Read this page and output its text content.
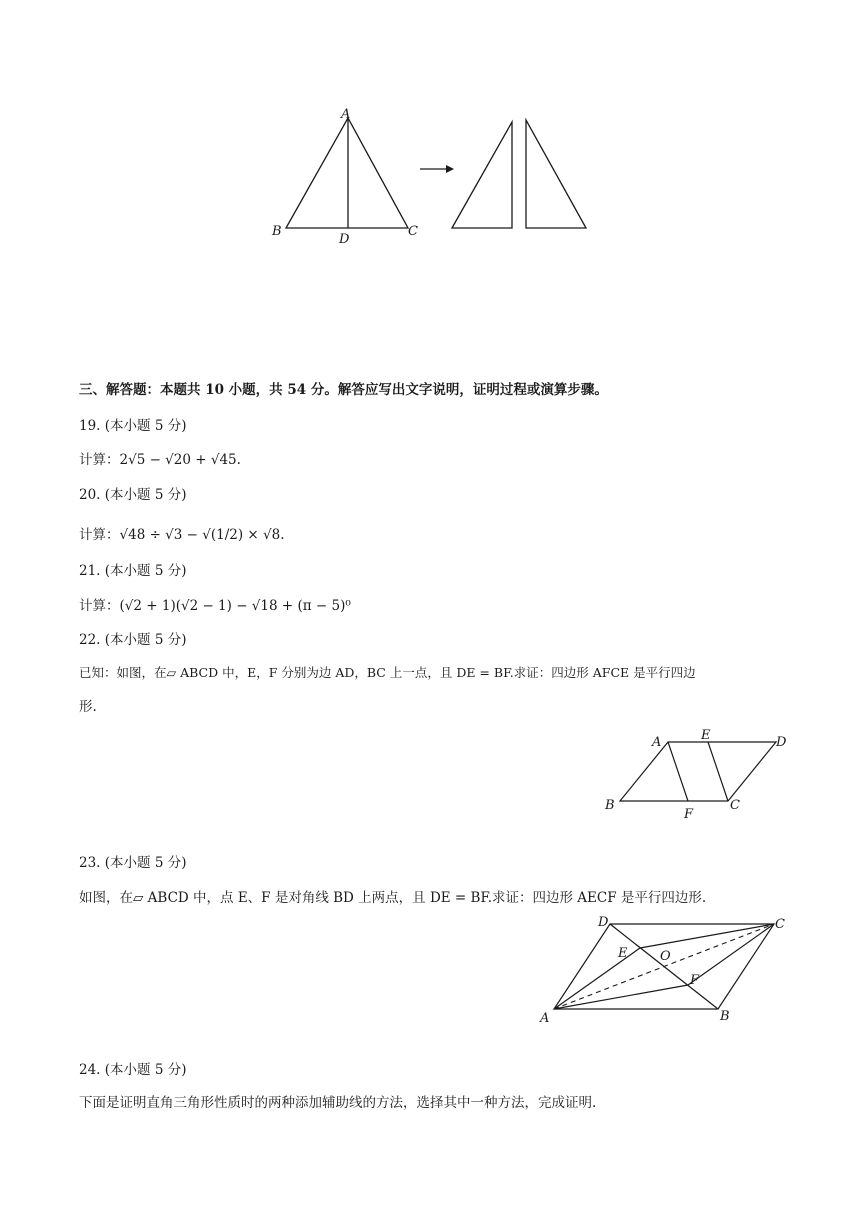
A
B	C
D
三、解答题：本题共 10 小题，共 54 分。解答应写出文字说明，证明过程或演算步骤。
19. (本小题 5 分)
计算：2√5 − √20 + √45.
20. (本小题 5 分)
计算：√48 ÷ √3 − √(1/2) × √8.
21. (本小题 5 分)
计算：(√2 + 1)(√2 − 1) − √18 + (π − 5)⁰
22. (本小题 5 分)
已知：如图，在▱ ABCD 中，E，F 分别为边 AD，BC 上一点，且 DE = BF.求证：四边形 AFCE 是平行四边
形.
A	E	D
B
F
C
23. (本小题 5 分)
如图，在▱ ABCD 中，点 E、F 是对角线 BD 上两点，且 DE = BF.求证：四边形 AECF 是平行四边形.
D	C
E	O
F
A	B
24. (本小题 5 分)
下面是证明直角三角形性质时的两种添加辅助线的方法，选择其中一种方法，完成证明.
